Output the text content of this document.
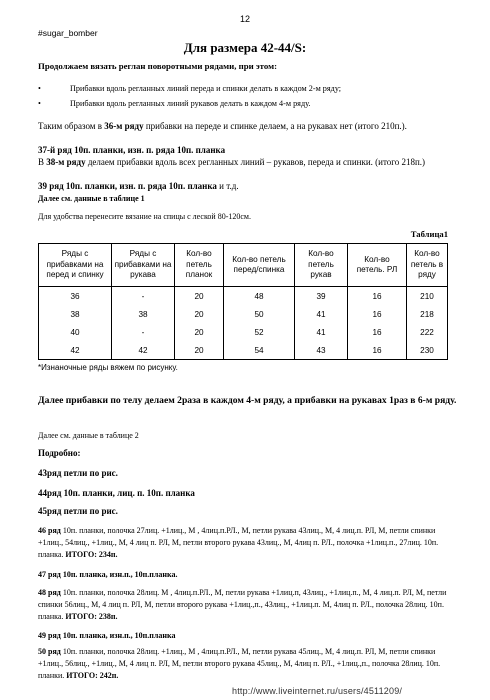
12
#sugar_bomber
Для размера 42-44/S:
Продолжаем вязать реглан поворотными рядами, при этом:
•	Прибавки вдоль регланных линий переда и спинки делать в каждом 2-м ряду;
•	Прибавки вдоль регланных линий рукавов делать в каждом 4-м ряду.
Таким образом в 36-м ряду прибавки на переде и спинке делаем, а на рукавах нет (итого 210п.).
37-й ряд 10п. планки, изн. п. ряда 10п. планка
В 38-м ряду делаем прибавки вдоль всех регланных линий – рукавов, переда и спинки. (итого 218п.)
39 ряд 10п. планки, изн. п. ряда 10п. планка и т.д.
Далее см. данные в таблице 1
Для удобства перенесите вязание на спицы с леской 80-120см.
Таблица1
Ряды с прибавками на перед и спинку	Ряды с прибавками на рукава	Кол-во петель планок	Кол-во петель перед/спинка	Кол-во петель рукав	Кол-во петель. РЛ	Кол-во петель в ряду
36	-	20	48	39	16	210
38	38	20	50	41	16	218
40	-	20	52	41	16	222
42	42	20	54	43	16	230
*Изнаночные ряды вяжем по рисунку.
Далее прибавки по телу делаем 2раза в каждом 4-м ряду, а прибавки на рукавах 1раз в 6-м ряду.
Далее см. данные в таблице 2
Подробно:
43ряд петли по рис.
44ряд 10п. планки, лиц. п. 10п. планка
45ряд петли по рис.
46 ряд 10п. планки, полочка 27лиц. +1лиц., М , 4лиц.п.РЛ., М, петли рукава 43лиц., М, 4 лиц.п. РЛ, М, петли спинки +1лиц., 54лиц., +1лиц., М, 4 лиц п. РЛ, М, петли второго рукава 43лиц., М, 4лиц п. РЛ., полочка +1лиц.п., 27лиц. 10п. планка. ИТОГО: 234п.
47 ряд 10п. планка, изн.п., 10п.планка.
48 ряд 10п. планки, полочка 28лиц. М , 4лиц.п.РЛ., М, петли рукава +1лиц.п, 43лиц., +1лиц.п., М, 4 лиц.п. РЛ, М, петли спинки 56лиц., М, 4 лиц п. РЛ, М, петли второго рукава +1лиц.,п., 43лиц., +1лиц.п. М, 4лиц п. РЛ., полочка 28лиц. 10п. планка. ИТОГО: 238п.
49 ряд 10п. планка, изн.п., 10п.планка
50 ряд 10п. планки, полочка 28лиц. +1лиц., М , 4лиц.п.РЛ., М, петли рукава 45лиц., М, 4 лиц.п. РЛ, М, петли спинки +1лиц., 56лиц., +1лиц., М, 4 лиц п. РЛ, М, петли второго рукава 45лиц., М, 4лиц п. РЛ., +1лиц.,п., полочка 28лиц. 10п. планки. ИТОГО: 242п.
http://www.liveinternet.ru/users/4511209/
